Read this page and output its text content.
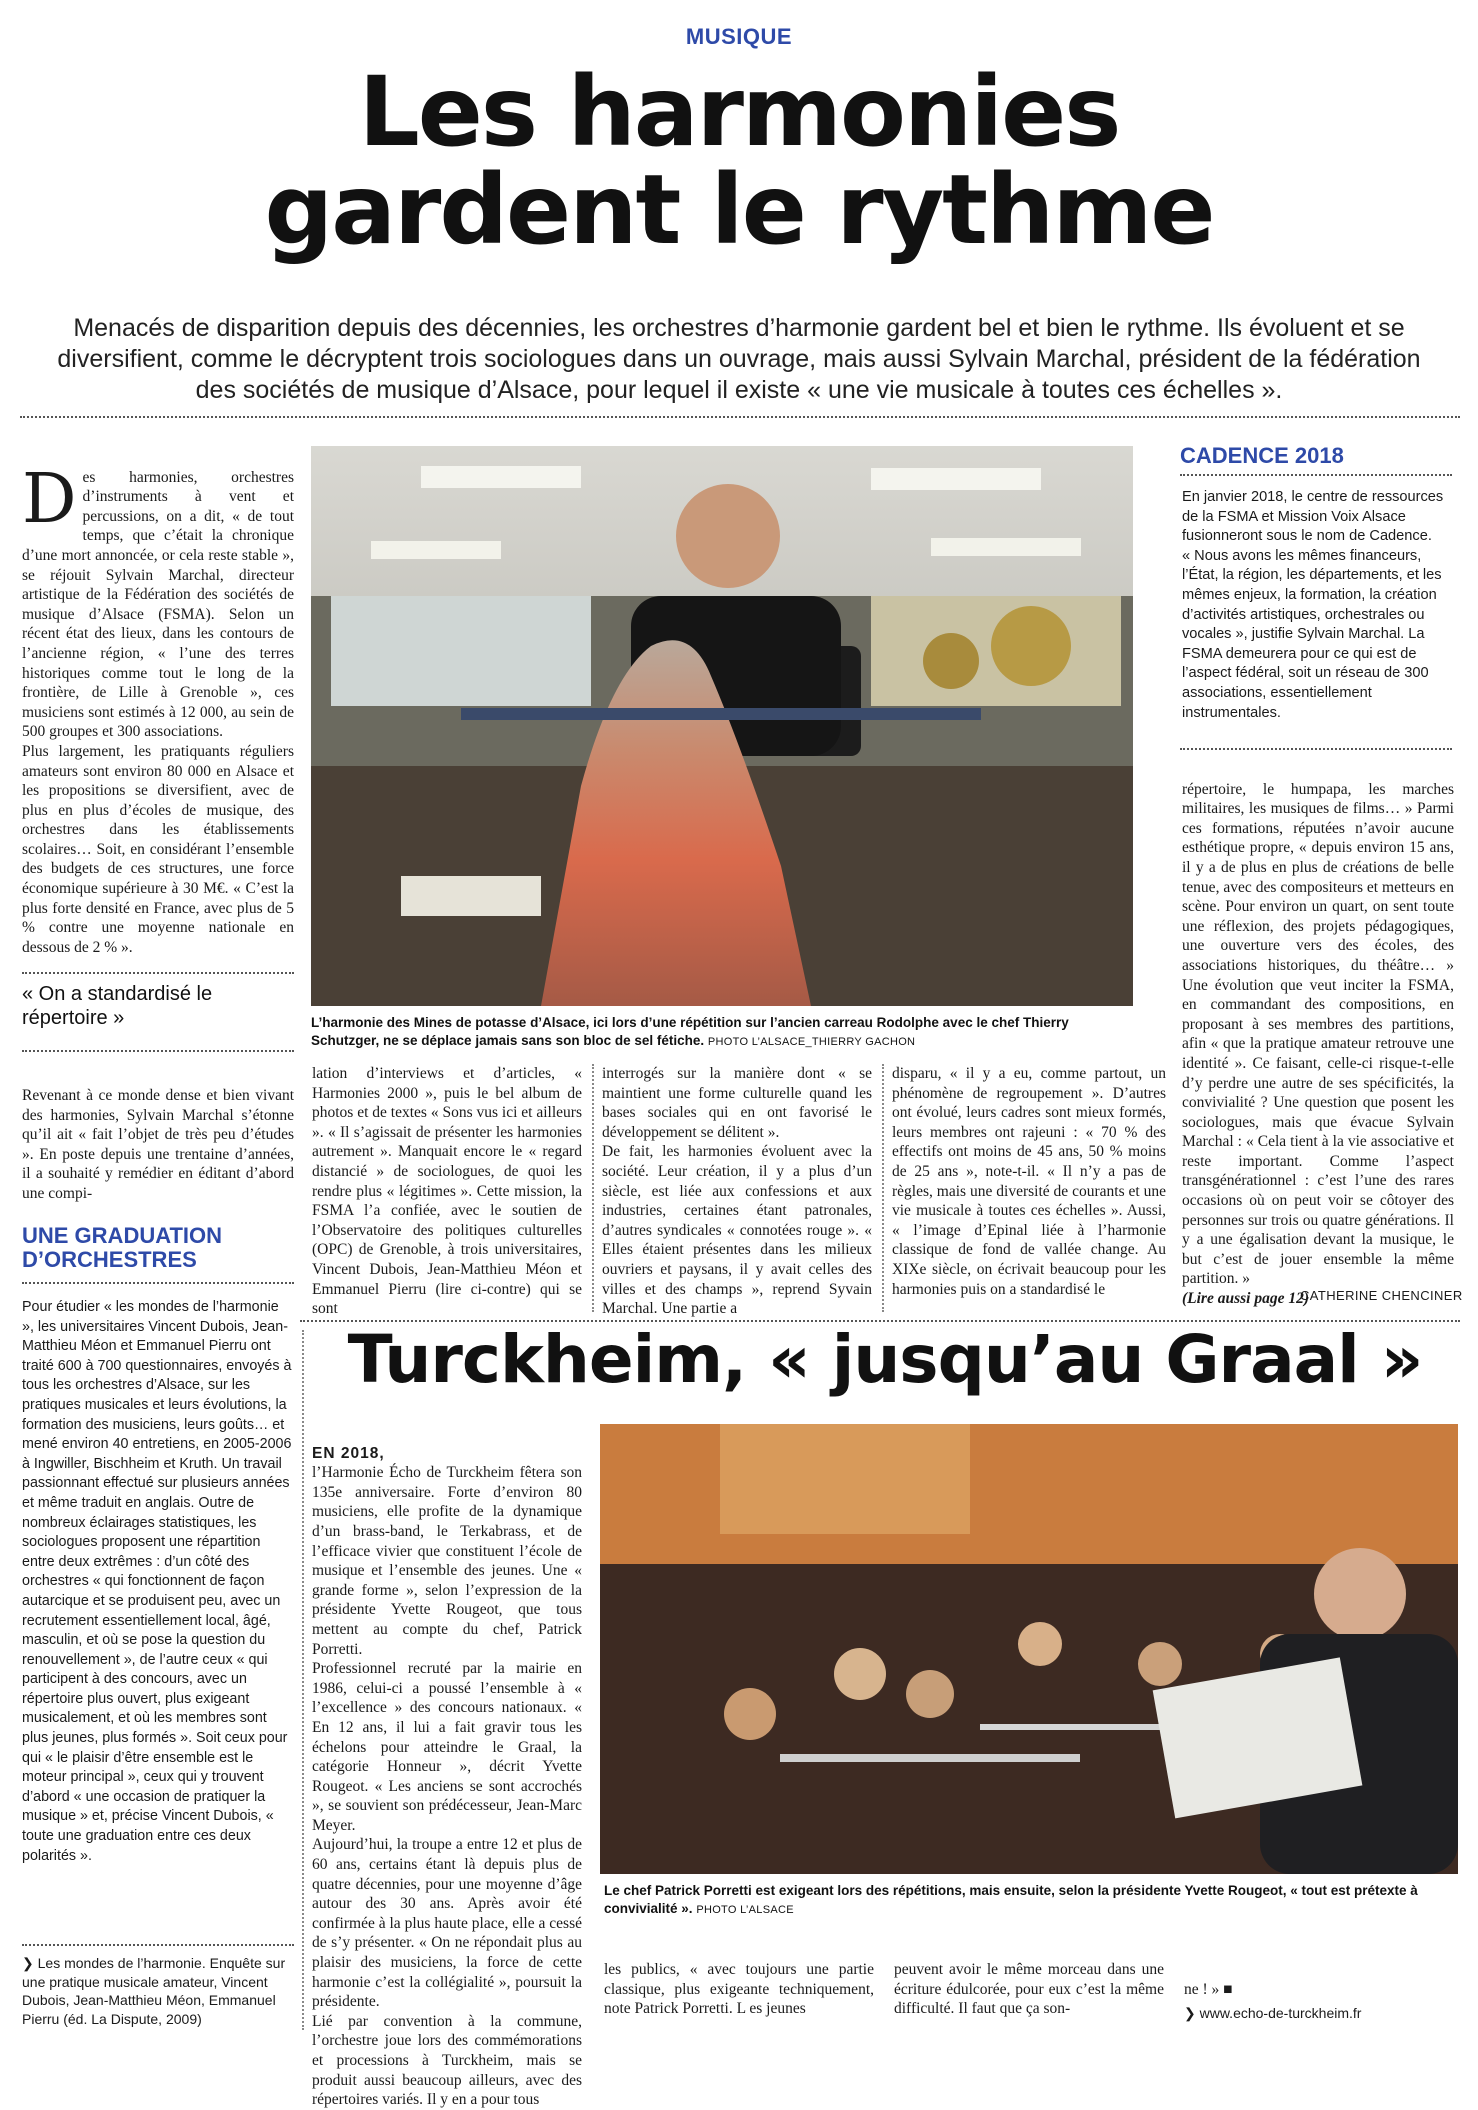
MUSIQUE
Les harmonies
gardent le rythme
Menacés de disparition depuis des décennies, les orchestres d’harmonie gardent bel et bien le rythme. Ils évoluent et se
diversifient, comme le décryptent trois sociologues dans un ouvrage, mais aussi Sylvain Marchal, président de la fédération
des sociétés de musique d’Alsace, pour lequel il existe « une vie musicale à toutes ces échelles ».

Des harmonies, orchestres d’instruments à vent et percussions, on a dit, « de tout temps, que c’était la chronique d’une mort annoncée, or cela reste stable », se réjouit Sylvain Marchal, directeur artistique de la Fédération des sociétés de musique d’Alsace (FSMA). Selon un récent état des lieux, dans les contours de l’ancienne région, « l’une des terres historiques comme tout le long de la frontière, de Lille à Grenoble », ces musiciens sont estimés à 12 000, au sein de 500 groupes et 300 associations.
Plus largement, les pratiquants réguliers amateurs sont environ 80 000 en Alsace et les propositions se diversifient, avec de plus en plus d’écoles de musique, des orchestres dans les établissements scolaires… Soit, en considérant l’ensemble des budgets de ces structures, une force économique supérieure à 30 M€. « C’est la plus forte densité en France, avec plus de 5 % contre une moyenne nationale en dessous de 2 % ».

« On a standardisé le répertoire »
Revenant à ce monde dense et bien vivant des harmonies, Sylvain Marchal s’étonne qu’il ait « fait l’objet de très peu d’études ». En poste depuis une trentaine d’années, il a souhaité y remédier en éditant d’abord une compi-
L’harmonie des Mines de potasse d’Alsace, ici lors d’une répétition sur l’ancien carreau Rodolphe avec le chef Thierry Schutzger, ne se déplace jamais sans son bloc de sel fétiche. PHOTO L’ALSACE_THIERRY GACHON
lation d’interviews et d’articles, « Harmonies 2000 », puis le bel album de photos et de textes « Sons vus ici et ailleurs ». « Il s’agissait de présenter les harmonies autrement ». Manquait encore le « regard distancié » de sociologues, de quoi les rendre plus « légitimes ». Cette mission, la FSMA l’a confiée, avec le soutien de l’Observatoire des politiques culturelles (OPC) de Grenoble, à trois universitaires, Vincent Dubois, Jean-Matthieu Méon et Emmanuel Pierru (lire ci-contre) qui se sont
interrogés sur la manière dont « se maintient une forme culturelle quand les bases sociales qui en ont favorisé le développement se délitent ».
De fait, les harmonies évoluent avec la société. Leur création, il y a plus d’un siècle, est liée aux confessions et aux industries, certaines étant patronales, d’autres syndicales « connotées rouge ». « Elles étaient présentes dans les milieux ouvriers et paysans, il y avait celles des villes et des champs », reprend Syvain Marchal. Une partie a
disparu, « il y a eu, comme partout, un phénomène de regroupement ». D’autres ont évolué, leurs cadres sont mieux formés, leurs membres ont rajeuni : « 70 % des effectifs ont moins de 45 ans, 50 % moins de 25 ans », note-t-il. « Il n’y a pas de règles, mais une diversité de courants et une vie musicale à toutes ces échelles ». Aussi, « l’image d’Epinal liée à l’harmonie classique de fond de vallée change. Au XIXe siècle, on écrivait beaucoup pour les harmonies puis on a standardisé le
CADENCE 2018
En janvier 2018, le centre de ressources de la FSMA et Mission Voix Alsace fusionneront sous le nom de Cadence.
« Nous avons les mêmes financeurs, l’État, la région, les départements, et les mêmes enjeux, la formation, la création d’activités artistiques, orchestrales ou vocales », justifie Sylvain Marchal. La FSMA demeurera pour ce qui est de l’aspect fédéral, soit un réseau de 300 associations, essentiellement instrumentales.

répertoire, le humpapa, les marches militaires, les musiques de films… » Parmi ces formations, réputées n’avoir aucune esthétique propre, « depuis environ 15 ans, il y a de plus en plus de créations de belle tenue, avec des compositeurs et metteurs en scène. Pour environ un quart, on sent toute une réflexion, des projets pédagogiques, une ouverture vers des écoles, des associations historiques, du théâtre… » Une évolution que veut inciter la FSMA, en commandant des compositions, en proposant à ses membres des partitions, afin « que la pratique amateur retrouve une identité ». Ce faisant, celle-ci risque-t-elle d’y perdre une autre de ses spécificités, la convivialité ? Une question que posent les sociologues, mais que évacue Sylvain Marchal : « Cela tient à la vie associative et reste important. Comme l’aspect transgénérationnel : c’est l’une des rares occasions où on peut voir se côtoyer des personnes sur trois ou quatre générations. Il y a une égalisation devant la musique, le but c’est de jouer ensemble la même partition. »
(Lire aussi page 12)

CATHERINE CHENCINER
UNE GRADUATION
D’ORCHESTRES
Pour étudier « les mondes de l’harmonie », les universitaires Vincent Dubois, Jean-Matthieu Méon et Emmanuel Pierru ont traité 600 à 700 questionnaires, envoyés à tous les orchestres d’Alsace, sur les pratiques musicales et leurs évolutions, la formation des musiciens, leurs goûts… et mené environ 40 entretiens, en 2005-2006 à Ingwiller, Bischheim et Kruth. Un travail passionnant effectué sur plusieurs années et même traduit en anglais. Outre de nombreux éclairages statistiques, les sociologues proposent une répartition entre deux extrêmes : d’un côté des orchestres « qui fonctionnent de façon autarcique et se produisent peu, avec un recrutement essentiellement local, âgé, masculin, et où se pose la question du renouvellement », de l’autre ceux « qui participent à des concours, avec un répertoire plus ouvert, plus exigeant musicalement, et où les membres sont plus jeunes, plus formés ». Soit ceux pour qui « le plaisir d’être ensemble est le moteur principal », ceux qui y trouvent d’abord « une occasion de pratiquer la musique » et, précise Vincent Dubois, « toute une graduation entre ces deux polarités ».
❯ Les mondes de l’harmonie. Enquête sur une pratique musicale amateur, Vincent Dubois, Jean-Matthieu Méon, Emmanuel Pierru (éd. La Dispute, 2009)
Turckheim, « jusqu’au Graal »

EN 2018,
l’Harmonie Écho de Turckheim fêtera son 135e anniversaire. Forte d’environ 80 musiciens, elle profite de la dynamique d’un brass-band, le Terkabrass, et de l’efficace vivier que constituent l’école de musique et l’ensemble des jeunes. Une « grande forme », selon l’expression de la présidente Yvette Rougeot, que tous mettent au compte du chef, Patrick Porretti.
Professionnel recruté par la mairie en 1986, celui-ci a poussé l’ensemble à « l’excellence » des concours nationaux. « En 12 ans, il lui a fait gravir tous les échelons pour atteindre le Graal, la catégorie Honneur », décrit Yvette Rougeot. « Les anciens se sont accrochés », se souvient son prédécesseur, Jean-Marc Meyer.
Aujourd’hui, la troupe a entre 12 et plus de 60 ans, certains étant là depuis plus de quatre décennies, pour une moyenne d’âge autour des 30 ans. Après avoir été confirmée à la plus haute place, elle a cessé de s’y présenter. « On ne répondait plus au plaisir des musiciens, la force de cette harmonie c’est la collégialité », poursuit la présidente.
Lié par convention à la commune, l’orchestre joue lors des commémorations et processions à Turckheim, mais se produit aussi beaucoup ailleurs, avec des répertoires variés. Il y en a pour tous

Le chef Patrick Porretti est exigeant lors des répétitions, mais ensuite, selon la présidente Yvette Rougeot, « tout est prétexte à convivialité ». PHOTO L’ALSACE
les publics, « avec toujours une partie classique, plus exigeante techniquement, note Patrick Porretti. L es jeunes
peuvent avoir le même morceau dans une écriture édulcorée, pour eux c’est la même difficulté. Il faut que ça son-

ne ! » ■

❯ www.echo-de-turckheim.fr
